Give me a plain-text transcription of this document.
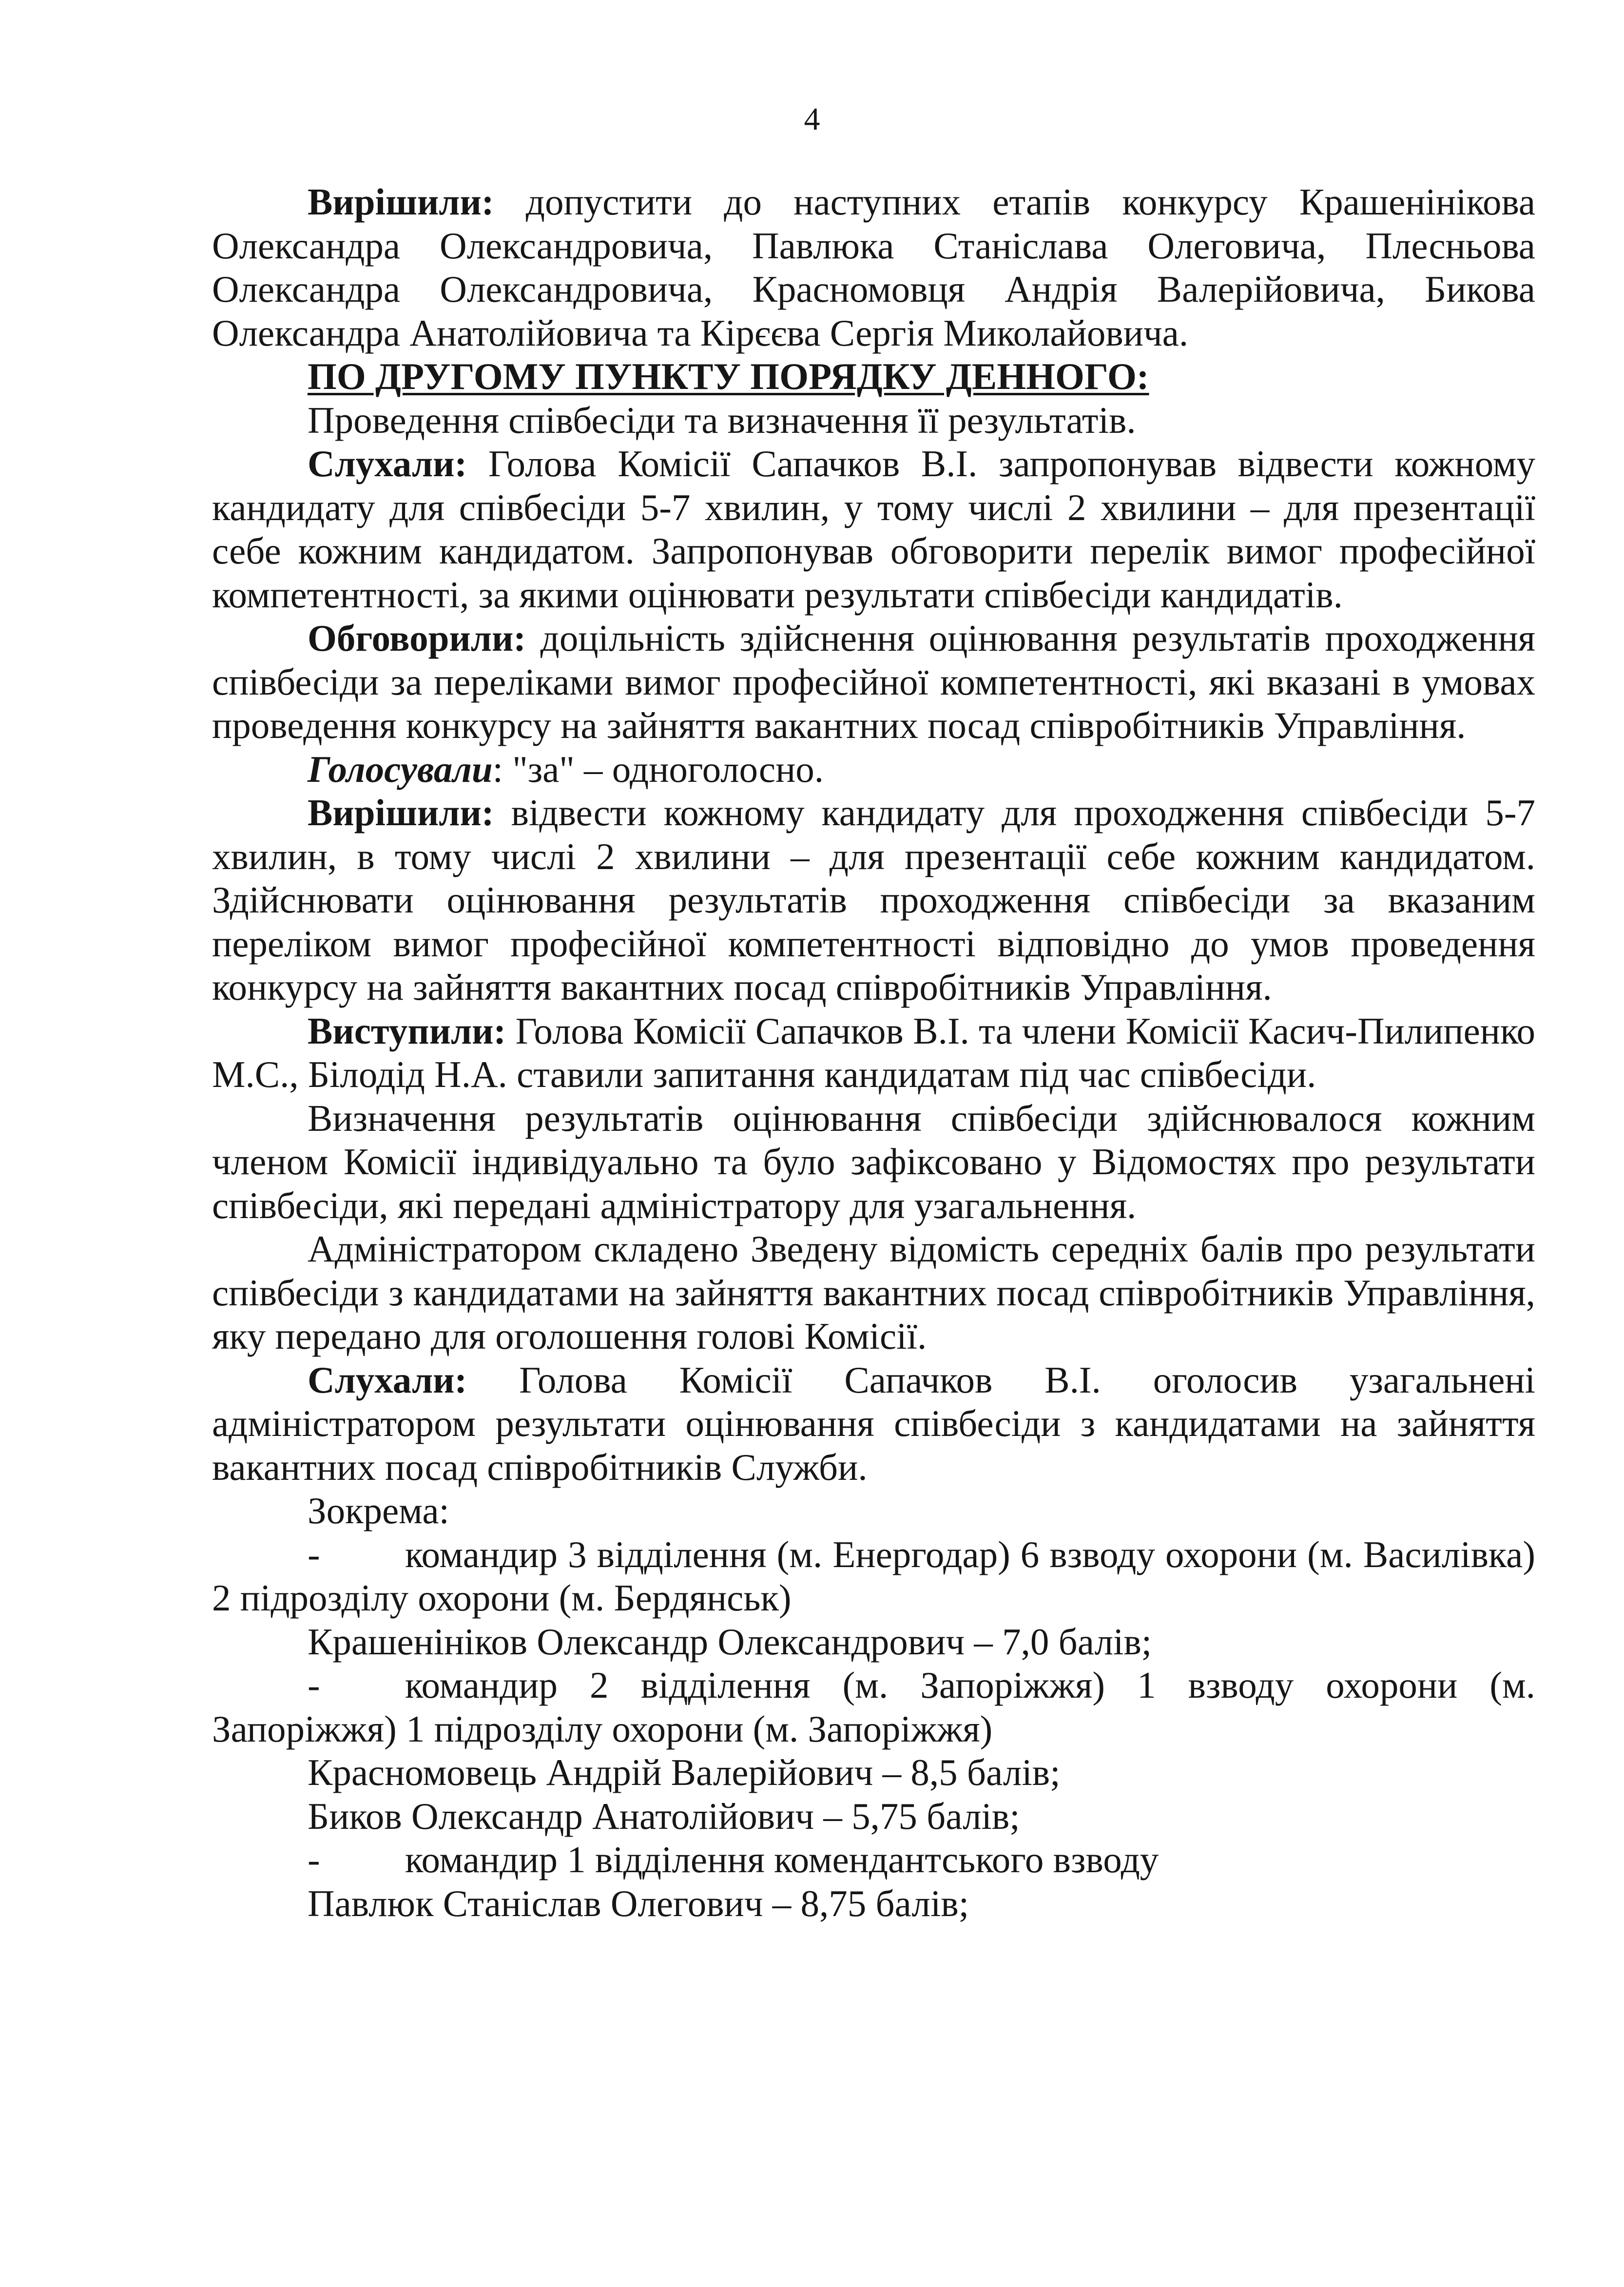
4

Вирішили: допустити до наступних етапів конкурсу Крашенінікова Олександра Олександровича, Павлюка Станіслава Олеговича, Плесньова Олександра Олександровича, Красномовця Андрія Валерійовича, Бикова Олександра Анатолійовича та Кірєєва Сергія Миколайовича.

ПО ДРУГОМУ ПУНКТУ ПОРЯДКУ ДЕННОГО:
Проведення співбесіди та визначення її результатів.

Слухали: Голова Комісії Сапачков В.І. запропонував відвести кожному кандидату для співбесіди 5-7 хвилин, у тому числі 2 хвилини – для презентації себе кожним кандидатом. Запропонував обговорити перелік вимог професійної компетентності, за якими оцінювати результати співбесіди кандидатів.

Обговорили: доцільність здійснення оцінювання результатів проходження співбесіди за переліками вимог професійної компетентності, які вказані в умовах проведення конкурсу на зайняття вакантних посад співробітників Управління.

Голосували: "за" – одноголосно.

Вирішили: відвести кожному кандидату для проходження співбесіди 5-7 хвилин, в тому числі 2 хвилини – для презентації себе кожним кандидатом. Здійснювати оцінювання результатів проходження співбесіди за вказаним переліком вимог професійної компетентності відповідно до умов проведення конкурсу на зайняття вакантних посад співробітників Управління.

Виступили: Голова Комісії Сапачков В.І. та члени Комісії Касич-Пилипенко М.С., Білодід Н.А. ставили запитання кандидатам під час співбесіди.

Визначення результатів оцінювання співбесіди здійснювалося кожним членом Комісії індивідуально та було зафіксовано у Відомостях про результати співбесіди, які передані адміністратору для узагальнення.

Адміністратором складено Зведену відомість середніх балів про результати співбесіди з кандидатами на зайняття вакантних посад співробітників Управління, яку передано для оголошення голові Комісії.

Слухали: Голова Комісії Сапачков В.І. оголосив узагальнені адміністратором результати оцінювання співбесіди з кандидатами на зайняття вакантних посад співробітників Служби.

Зокрема:

- командир 3 відділення (м. Енергодар) 6 взводу охорони (м. Василівка) 2 підрозділу охорони (м. Бердянськ)

Крашенініков Олександр Олександрович – 7,0 балів;

- командир 2 відділення (м. Запоріжжя) 1 взводу охорони (м. Запоріжжя) 1 підрозділу охорони (м. Запоріжжя)

Красномовець Андрій Валерійович – 8,5 балів;
Биков Олександр Анатолійович – 5,75 балів;

- командир 1 відділення комендантського взводу

Павлюк Станіслав Олегович – 8,75 балів;
